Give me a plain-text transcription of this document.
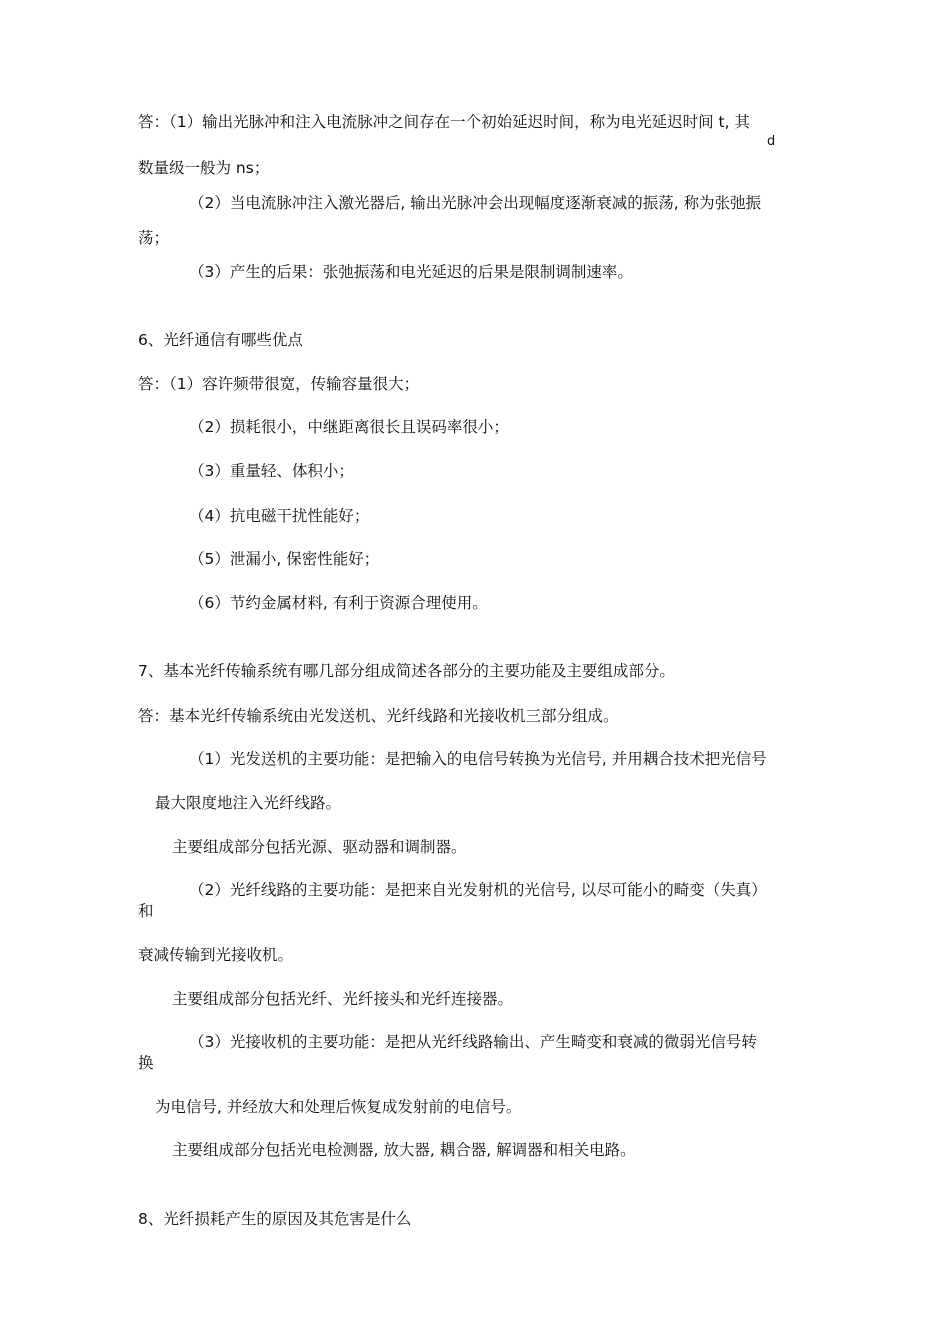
答：（1）输出光脉冲和注入电流脉冲之间存在一个初始延迟时间，称为电光延迟时间 t, 其

d

数量级一般为 ns；

（2）当电流脉冲注入激光器后, 输出光脉冲会出现幅度逐渐衰减的振荡, 称为张弛振

荡；

（3）产生的后果：张弛振荡和电光延迟的后果是限制调制速率。

6、光纤通信有哪些优点

答：（1）容许频带很宽，传输容量很大；

（2）损耗很小，中继距离很长且误码率很小；

（3）重量轻、体积小；

（4）抗电磁干扰性能好；

（5）泄漏小, 保密性能好；

（6）节约金属材料, 有利于资源合理使用。

7、基本光纤传输系统有哪几部分组成简述各部分的主要功能及主要组成部分。

答：基本光纤传输系统由光发送机、光纤线路和光接收机三部分组成。

（1）光发送机的主要功能：是把输入的电信号转换为光信号, 并用耦合技术把光信号

最大限度地注入光纤线路。

主要组成部分包括光源、驱动器和调制器。

（2）光纤线路的主要功能：是把来自光发射机的光信号, 以尽可能小的畸变（失真）

和

衰减传输到光接收机。

主要组成部分包括光纤、光纤接头和光纤连接器。

（3）光接收机的主要功能：是把从光纤线路输出、产生畸变和衰减的微弱光信号转

换

为电信号, 并经放大和处理后恢复成发射前的电信号。

主要组成部分包括光电检测器, 放大器, 耦合器, 解调器和相关电路。

8、光纤损耗产生的原因及其危害是什么
